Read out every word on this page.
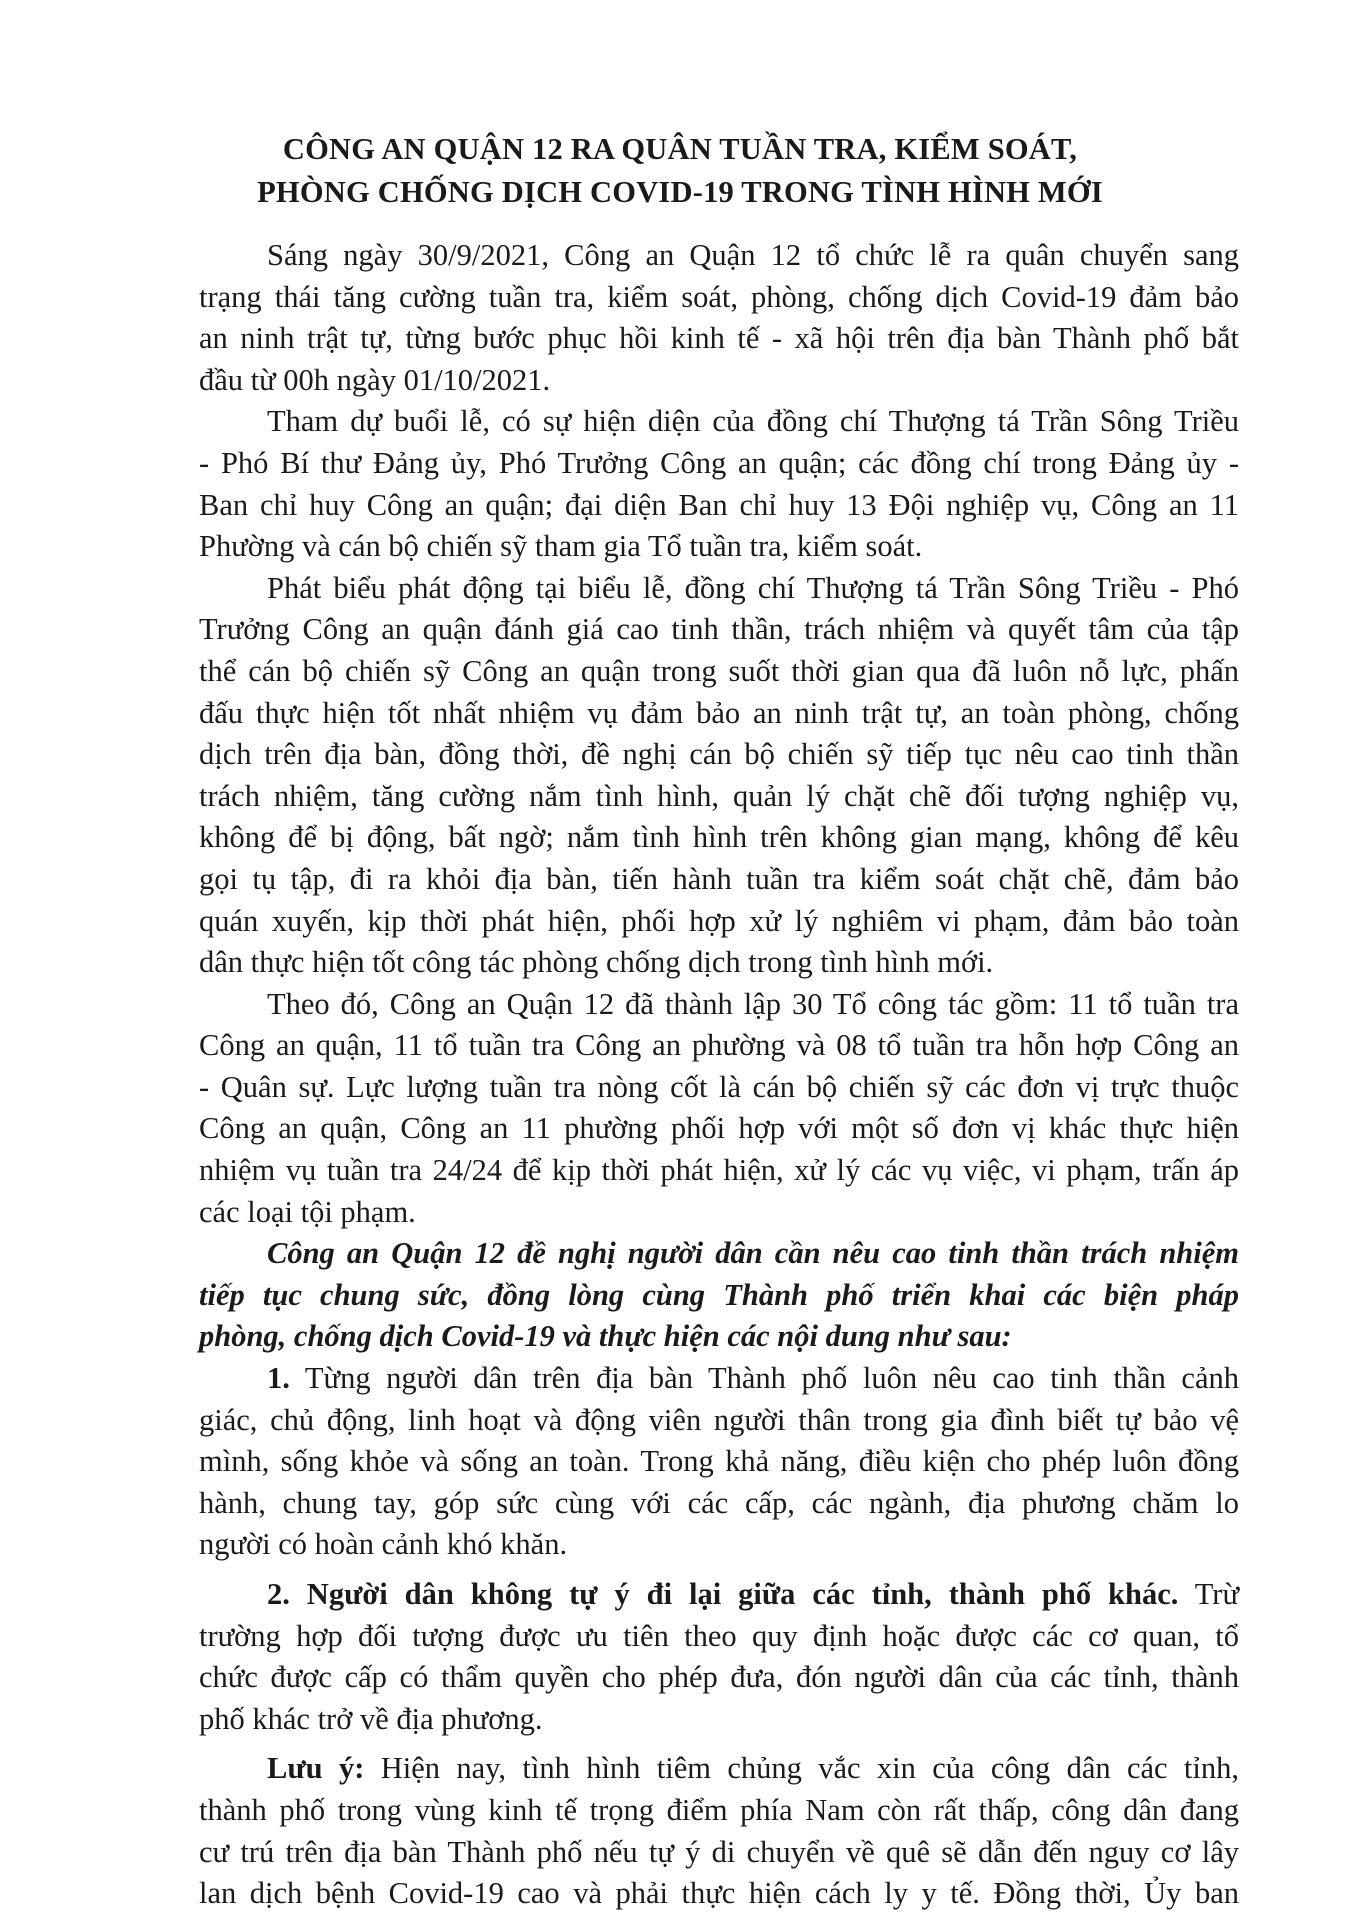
CÔNG AN QUẬN 12 RA QUÂN TUẦN TRA, KIỂM SOÁT,
PHÒNG CHỐNG DỊCH COVID-19 TRONG TÌNH HÌNH MỚI
Sáng ngày 30/9/2021, Công an Quận 12 tổ chức lễ ra quân chuyển sang
trạng thái tăng cường tuần tra, kiểm soát, phòng, chống dịch Covid-19 đảm bảo
an ninh trật tự, từng bước phục hồi kinh tế - xã hội trên địa bàn Thành phố bắt
đầu từ 00h ngày 01/10/2021.
Tham dự buổi lễ, có sự hiện diện của đồng chí Thượng tá Trần Sông Triều
- Phó Bí thư Đảng ủy, Phó Trưởng Công an quận; các đồng chí trong Đảng ủy -
Ban chỉ huy Công an quận; đại diện Ban chỉ huy 13 Đội nghiệp vụ, Công an 11
Phường và cán bộ chiến sỹ tham gia Tổ tuần tra, kiểm soát.
Phát biểu phát động tại biểu lễ, đồng chí Thượng tá Trần Sông Triều - Phó
Trưởng Công an quận đánh giá cao tinh thần, trách nhiệm và quyết tâm của tập
thể cán bộ chiến sỹ Công an quận trong suốt thời gian qua đã luôn nỗ lực, phấn
đấu thực hiện tốt nhất nhiệm vụ đảm bảo an ninh trật tự, an toàn phòng, chống
dịch trên địa bàn, đồng thời, đề nghị cán bộ chiến sỹ tiếp tục nêu cao tinh thần
trách nhiệm, tăng cường nắm tình hình, quản lý chặt chẽ đối tượng nghiệp vụ,
không để bị động, bất ngờ; nắm tình hình trên không gian mạng, không để kêu
gọi tụ tập, đi ra khỏi địa bàn, tiến hành tuần tra kiểm soát chặt chẽ, đảm bảo
quán xuyến, kịp thời phát hiện, phối hợp xử lý nghiêm vi phạm, đảm bảo toàn
dân thực hiện tốt công tác phòng chống dịch trong tình hình mới.
Theo đó, Công an Quận 12 đã thành lập 30 Tổ công tác gồm: 11 tổ tuần tra
Công an quận, 11 tổ tuần tra Công an phường và 08 tổ tuần tra hỗn hợp Công an
- Quân sự. Lực lượng tuần tra nòng cốt là cán bộ chiến sỹ các đơn vị trực thuộc
Công an quận, Công an 11 phường phối hợp với một số đơn vị khác thực hiện
nhiệm vụ tuần tra 24/24 để kịp thời phát hiện, xử lý các vụ việc, vi phạm, trấn áp
các loại tội phạm.
Công an Quận 12 đề nghị người dân cần nêu cao tinh thần trách nhiệm
tiếp tục chung sức, đồng lòng cùng Thành phố triển khai các biện pháp
phòng, chống dịch Covid-19 và thực hiện các nội dung như sau:
1. Từng người dân trên địa bàn Thành phố luôn nêu cao tinh thần cảnh
giác, chủ động, linh hoạt và động viên người thân trong gia đình biết tự bảo vệ
mình, sống khỏe và sống an toàn. Trong khả năng, điều kiện cho phép luôn đồng
hành, chung tay, góp sức cùng với các cấp, các ngành, địa phương chăm lo
người có hoàn cảnh khó khăn.
2. Người dân không tự ý đi lại giữa các tỉnh, thành phố khác. Trừ
trường hợp đối tượng được ưu tiên theo quy định hoặc được các cơ quan, tổ
chức được cấp có thẩm quyền cho phép đưa, đón người dân của các tỉnh, thành
phố khác trở về địa phương.
Lưu ý: Hiện nay, tình hình tiêm chủng vắc xin của công dân các tỉnh,
thành phố trong vùng kinh tế trọng điểm phía Nam còn rất thấp, công dân đang
cư trú trên địa bàn Thành phố nếu tự ý di chuyển về quê sẽ dẫn đến nguy cơ lây
lan dịch bệnh Covid-19 cao và phải thực hiện cách ly y tế. Đồng thời, Ủy ban
